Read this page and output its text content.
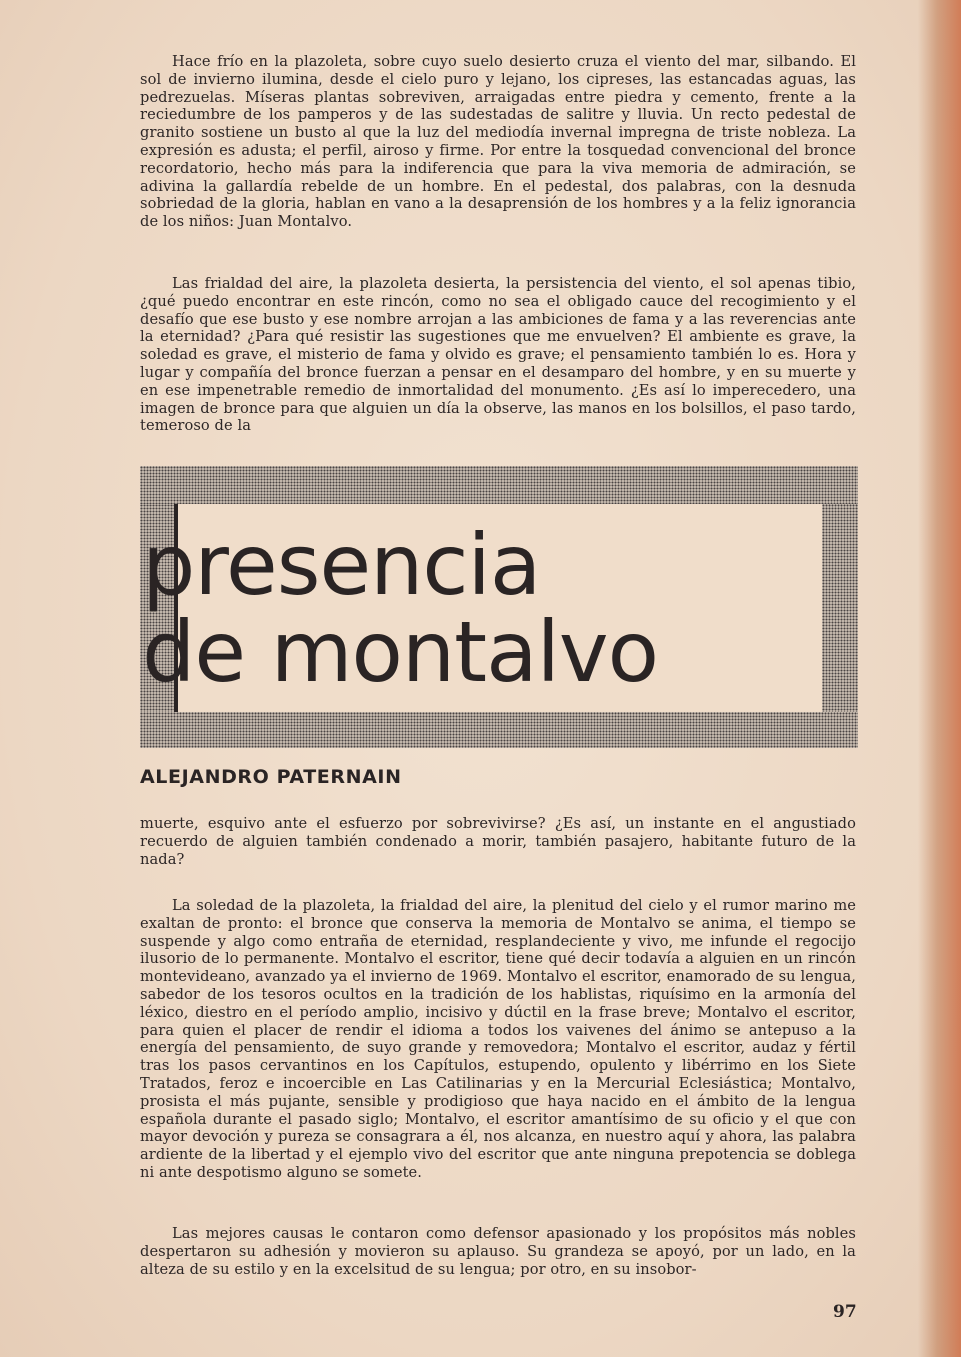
Hace frío en la plazoleta, sobre cuyo suelo desierto cruza el viento del mar, silbando. El sol de invierno ilumina, desde el cielo puro y lejano, los cipreses, las estancadas aguas, las pedrezuelas. Míseras plantas sobreviven, arraigadas entre piedra y cemento, frente a la reciedumbre de los pamperos y de las sudestadas de salitre y lluvia. Un recto pedestal de granito sostiene un busto al que la luz del mediodía invernal impregna de triste nobleza. La expresión es adusta; el perfil, airoso y firme. Por entre la tosquedad convencional del bronce recordatorio, hecho más para la indiferencia que para la viva memoria de admiración, se adivina la gallardía rebelde de un hombre. En el pedestal, dos palabras, con la desnuda sobriedad de la gloria, hablan en vano a la desaprensión de los hombres y a la feliz ignorancia de los niños: Juan Montalvo.

Las frialdad del aire, la plazoleta desierta, la persistencia del viento, el sol apenas tibio, ¿qué puedo encontrar en este rincón, como no sea el obligado cauce del recogimiento y el desafío que ese busto y ese nombre arrojan a las ambiciones de fama y a las reverencias ante la eternidad? ¿Para qué resistir las sugestiones que me envuelven? El ambiente es grave, la soledad es grave, el misterio de fama y olvido es grave; el pensamiento también lo es. Hora y lugar y compañía del bronce fuerzan a pensar en el desamparo del hombre, y en su muerte y en ese impenetrable remedio de inmortalidad del monumento. ¿Es así lo imperecedero, una imagen de bronce para que alguien un día la observe, las manos en los bolsillos, el paso tardo, temeroso de la

presencia
de montalvo

ALEJANDRO PATERNAIN

muerte, esquivo ante el esfuerzo por sobrevivirse? ¿Es así, un instante en el angustiado recuerdo de alguien también condenado a morir, también pasajero, habitante futuro de la nada?

La soledad de la plazoleta, la frialdad del aire, la plenitud del cielo y el rumor marino me exaltan de pronto: el bronce que conserva la memoria de Montalvo se anima, el tiempo se suspende y algo como entraña de eternidad, resplandeciente y vivo, me infunde el regocijo ilusorio de lo permanente. Montalvo el escritor, tiene qué decir todavía a alguien en un rincón montevideano, avanzado ya el invierno de 1969. Montalvo el escritor, enamorado de su lengua, sabedor de los tesoros ocultos en la tradición de los hablistas, riquísimo en la armonía del léxico, diestro en el período amplio, incisivo y dúctil en la frase breve; Montalvo el escritor, para quien el placer de rendir el idioma a todos los vaivenes del ánimo se antepuso a la energía del pensamiento, de suyo grande y removedora; Montalvo el escritor, audaz y fértil tras los pasos cervantinos en los Capítulos, estupendo, opulento y libérrimo en los Siete Tratados, feroz e incoercible en Las Catilinarias y en la Mercurial Eclesiástica; Montalvo, prosista el más pujante, sensible y prodigioso que haya nacido en el ámbito de la lengua española durante el pasado siglo; Montalvo, el escritor amantísimo de su oficio y el que con mayor devoción y pureza se consagrara a él, nos alcanza, en nuestro aquí y ahora, las palabra ardiente de la libertad y el ejemplo vivo del escritor que ante ninguna prepotencia se doblega ni ante despotismo alguno se somete.

Las mejores causas le contaron como defensor apasionado y los propósitos más nobles despertaron su adhesión y movieron su aplauso. Su grandeza se apoyó, por un lado, en la alteza de su estilo y en la excelsitud de su lengua; por otro, en su insobor-

97
